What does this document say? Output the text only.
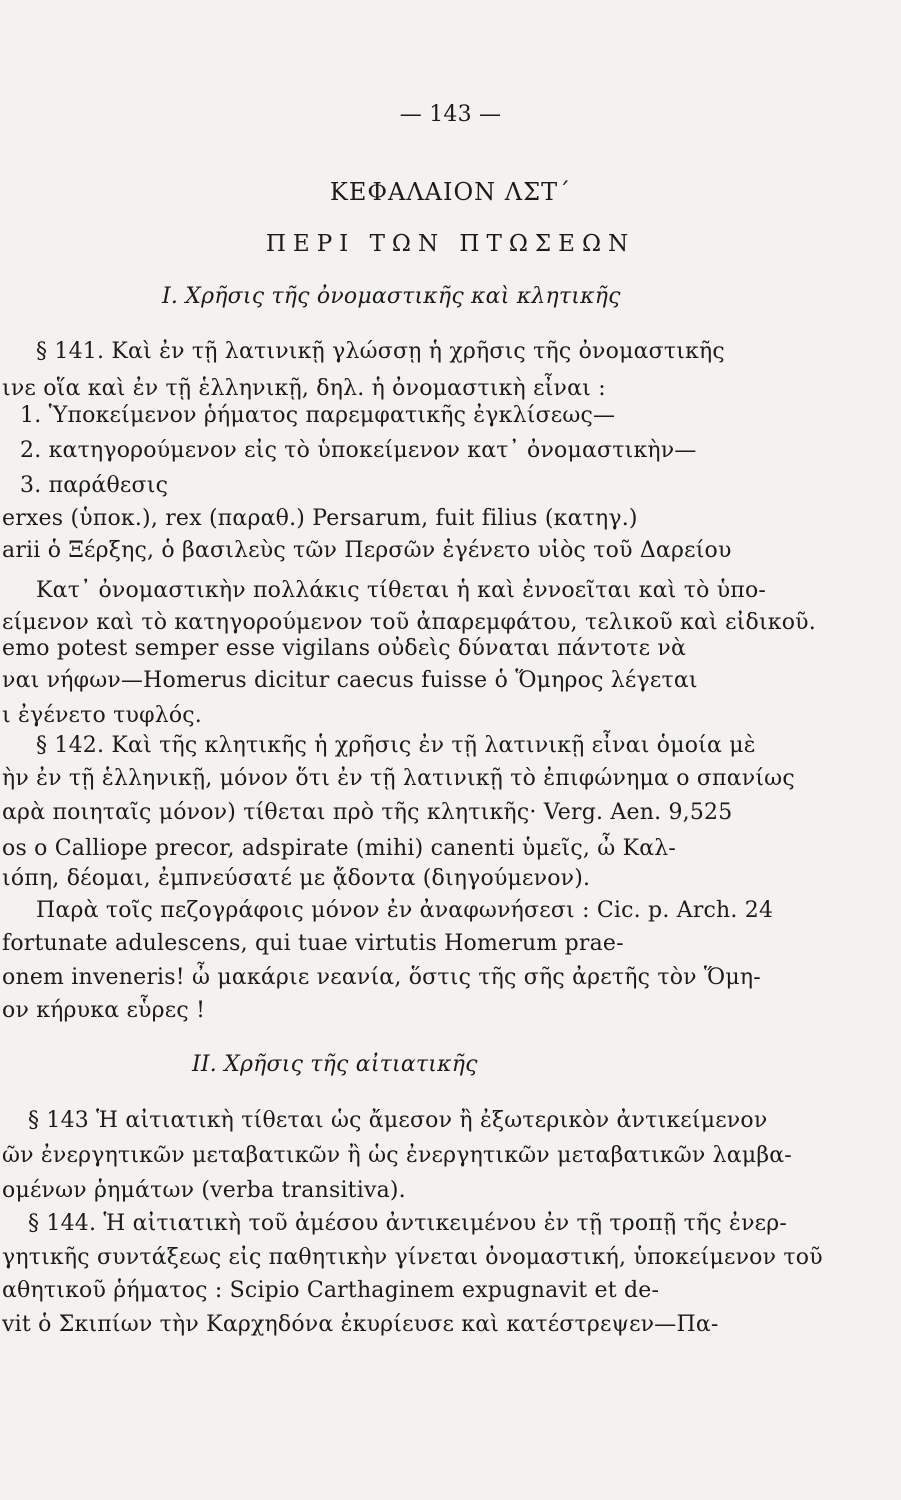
— 143 —
ΚΕΦΑΛΑΙΟΝ ΛΣΤ΄
ΠΕΡΙ ΤΩΝ ΠΤΩΣΕΩΝ
I. Χρῆσις τῆς ὀνομαστικῆς καὶ κλητικῆς
§ 141. Καὶ ἐν τῇ λατινικῇ γλώσσῃ ἡ χρῆσις τῆς ὀνομαστικῆς
ινε οἵα καὶ ἐν τῇ ἑλληνικῇ, δηλ. ἡ ὀνομαστικὴ εἶναι :
1. Ὑποκείμενον ῥήματος παρεμφατικῆς ἐγκλίσεως—
2. κατηγορούμενον εἰς τὸ ὑποκείμενον κατ᾽ ὀνομαστικὴν—
3. παράθεσις
erxes (ὑποκ.), rex (παραθ.) Persarum, fuit filius (κατηγ.)
arii ὁ Ξέρξης, ὁ βασιλεὺς τῶν Περσῶν ἐγένετο υἱὸς τοῦ Δαρείου
Κατ᾽ ὀνομαστικὴν πολλάκις τίθεται ἡ καὶ ἐννοεῖται καὶ τὸ ὑπο-
είμενον καὶ τὸ κατηγορούμενον τοῦ ἀπαρεμφάτου, τελικοῦ καὶ εἰδικοῦ.
emo potest semper esse vigilans οὐδεὶς δύναται πάντοτε νὰ
ναι νήφων—Homerus dicitur caecus fuisse ὁ Ὅμηρος λέγεται
ι ἐγένετο τυφλός.
§ 142. Καὶ τῆς κλητικῆς ἡ χρῆσις ἐν τῇ λατινικῇ εἶναι ὁμοία μὲ
ὴν ἐν τῇ ἑλληνικῇ, μόνον ὅτι ἐν τῇ λατινικῇ τὸ ἐπιφώνημα o σπανίως
αρὰ ποιηταῖς μόνον) τίθεται πρὸ τῆς κλητικῆς· Verg. Aen. 9,525
os o Calliope precor, adspirate (mihi) canenti ὑμεῖς, ὦ Καλ-
ιόπη, δέομαι, ἐμπνεύσατέ με ᾄδοντα (διηγούμενον).
Παρὰ τοῖς πεζογράφοις μόνον ἐν ἀναφωνήσεσι : Cic. p. Arch. 24
fortunate adulescens, qui tuae virtutis Homerum prae-
onem inveneris! ὦ μακάριε νεανία, ὅστις τῆς σῆς ἀρετῆς τὸν Ὅμη-
ον κήρυκα εὗρες !
II. Χρῆσις τῆς αἰτιατικῆς
§ 143 Ἡ αἰτιατικὴ τίθεται ὡς ἄμεσον ἢ ἐξωτερικὸν ἀντικείμενον
ῶν ἐνεργητικῶν μεταβατικῶν ἢ ὡς ἐνεργητικῶν μεταβατικῶν λαμβα-
ομένων ῥημάτων (verba transitiva).
§ 144. Ἡ αἰτιατικὴ τοῦ ἀμέσου ἀντικειμένου ἐν τῇ τροπῇ τῆς ἐνερ-
γητικῆς συντάξεως εἰς παθητικὴν γίνεται ὀνομαστική, ὑποκείμενον τοῦ
αθητικοῦ ῥήματος : Scipio Carthaginem expugnavit et de-
vit ὁ Σκιπίων τὴν Καρχηδόνα ἐκυρίευσε καὶ κατέστρεψεν—Πα-
